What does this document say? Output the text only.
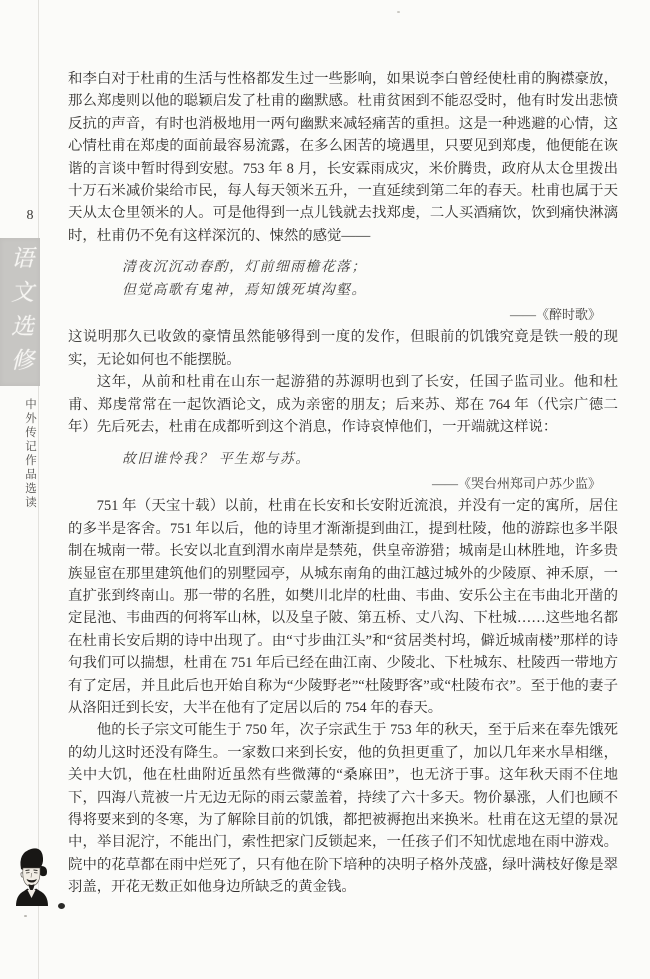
8
语文选修
中外传记作品选读

和李白对于杜甫的生活与性格都发生过一些影响，如果说李白曾经使杜甫的胸襟豪放，那么郑虔则以他的聪颖启发了杜甫的幽默感。杜甫贫困到不能忍受时，他有时发出悲愤反抗的声音，有时也消极地用一两句幽默来减轻痛苦的重担。这是一种逃避的心情，这心情杜甫在郑虔的面前最容易流露，在多么困苦的境遇里，只要见到郑虔，他便能在诙谐的言谈中暂时得到安慰。753 年 8 月，长安霖雨成灾，米价腾贵，政府从太仓里拨出十万石米减价粜给市民，每人每天领米五升，一直延续到第二年的春天。杜甫也属于天天从太仓里领米的人。可是他得到一点儿钱就去找郑虔，二人买酒痛饮，饮到痛快淋漓时，杜甫仍不免有这样深沉的、悚然的感觉——

清夜沉沉动春酌，灯前细雨檐花落；
但觉高歌有鬼神，焉知饿死填沟壑。
——《醉时歌》

这说明那久已收敛的豪情虽然能够得到一度的发作，但眼前的饥饿究竟是铁一般的现实，无论如何也不能摆脱。

这年，从前和杜甫在山东一起游猎的苏源明也到了长安，任国子监司业。他和杜甫、郑虔常常在一起饮酒论文，成为亲密的朋友；后来苏、郑在 764 年（代宗广德二年）先后死去，杜甫在成都听到这个消息，作诗哀悼他们，一开端就这样说：

故旧谁怜我？ 平生郑与苏。
——《哭台州郑司户苏少监》

751 年（天宝十载）以前，杜甫在长安和长安附近流浪，并没有一定的寓所，居住的多半是客舍。751 年以后，他的诗里才渐渐提到曲江，提到杜陵，他的游踪也多半限制在城南一带。长安以北直到渭水南岸是禁苑，供皇帝游猎；城南是山林胜地，许多贵族显宦在那里建筑他们的别墅园亭，从城东南角的曲江越过城外的少陵原、神禾原，一直扩张到终南山。那一带的名胜，如樊川北岸的杜曲、韦曲、安乐公主在韦曲北开凿的定昆池、韦曲西的何将军山林，以及皇子陂、第五桥、丈八沟、下杜城……这些地名都在杜甫长安后期的诗中出现了。由“寸步曲江头”和“贫居类村坞，僻近城南楼”那样的诗句我们可以揣想，杜甫在 751 年后已经在曲江南、少陵北、下杜城东、杜陵西一带地方有了定居，并且此后也开始自称为“少陵野老”“杜陵野客”或“杜陵布衣”。至于他的妻子从洛阳迁到长安，大半在他有了定居以后的 754 年的春天。

他的长子宗文可能生于 750 年，次子宗武生于 753 年的秋天，至于后来在奉先饿死的幼儿这时还没有降生。一家数口来到长安，他的负担更重了，加以几年来水旱相继，关中大饥，他在杜曲附近虽然有些微薄的“桑麻田”，也无济于事。这年秋天雨不住地下，四海八荒被一片无边无际的雨云蒙盖着，持续了六十多天。物价暴涨，人们也顾不得将要来到的冬寒，为了解除目前的饥饿，都把被褥抱出来换米。杜甫在这无望的景况中，举目泥泞，不能出门，索性把家门反锁起来，一任孩子们不知忧虑地在雨中游戏。院中的花草都在雨中烂死了，只有他在阶下培种的决明子格外茂盛，绿叶满枝好像是翠羽盖，开花无数正如他身边所缺乏的黄金钱。
